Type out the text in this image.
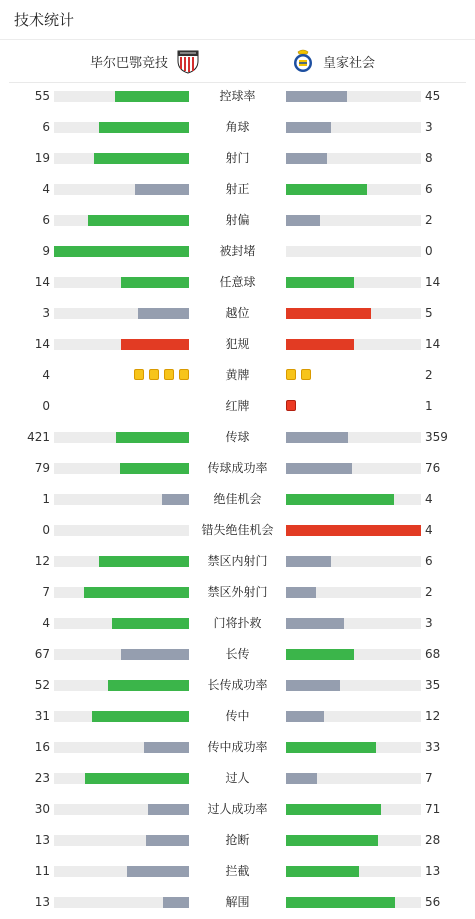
技术统计
毕尔巴鄂竞技	皇家社会
55	控球率	45
6	角球	3
19	射门	8
4	射正	6
6	射偏	2
9	被封堵	0
14	任意球	14
3	越位	5
14	犯规	14
4	黄牌	2
0	红牌	1
421	传球	359
79	传球成功率	76
1	绝佳机会	4
0	错失绝佳机会	4
12	禁区内射门	6
7	禁区外射门	2
4	门将扑救	3
67	长传	68
52	长传成功率	35
31	传中	12
16	传中成功率	33
23	过人	7
30	过人成功率	71
13	抢断	28
11	拦截	13
13	解围	56
